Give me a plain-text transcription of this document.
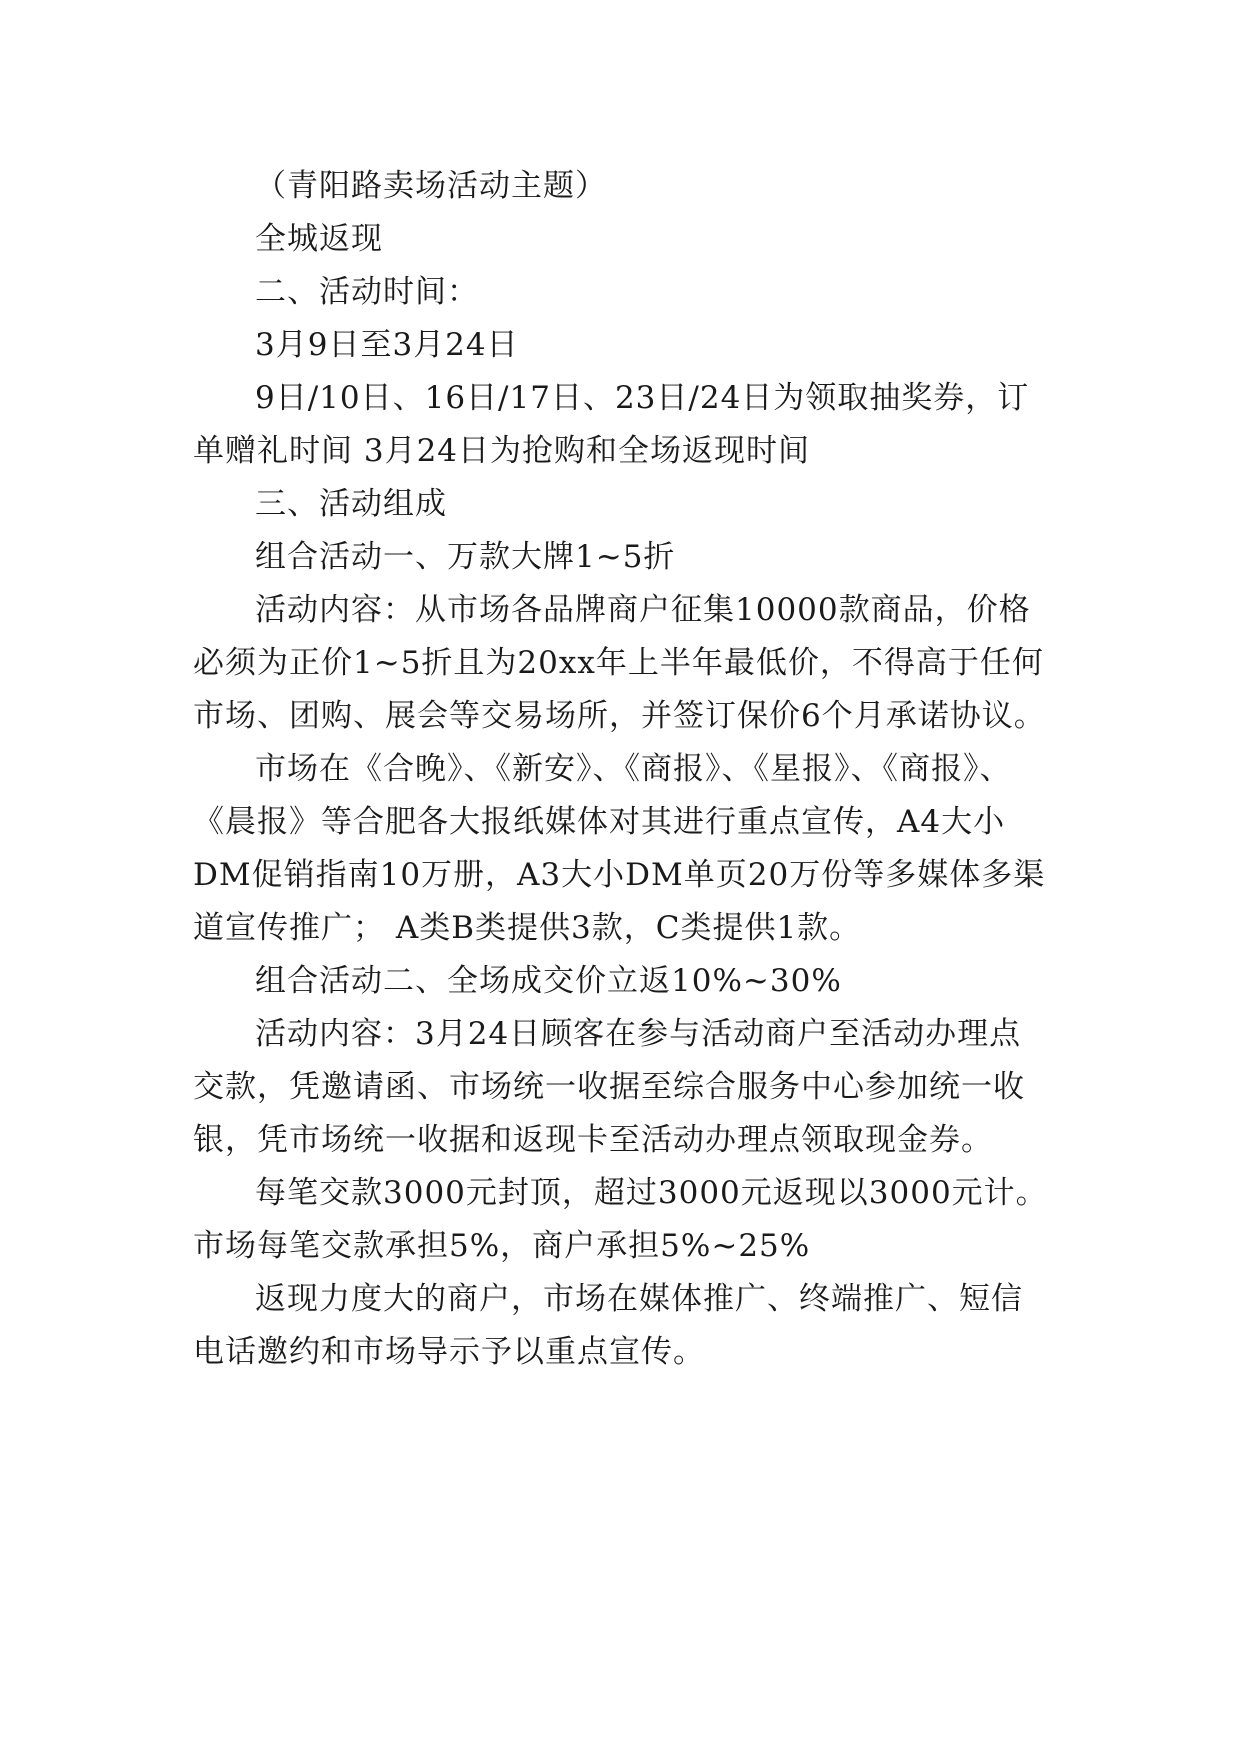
（青阳路卖场活动主题）

全城返现

二、活动时间：

3月9日至3月24日

9日/10日、16日/17日、23日/24日为领取抽奖券，订单赠礼时间 3月24日为抢购和全场返现时间

三、活动组成

组合活动一、万款大牌1~5折

活动内容：从市场各品牌商户征集10000款商品，价格必须为正价1~5折且为20xx年上半年最低价，不得高于任何市场、团购、展会等交易场所，并签订保价6个月承诺协议。

市场在《合晚》、《新安》、《商报》、《星报》、《商报》、《晨报》等合肥各大报纸媒体对其进行重点宣传，A4大小DM促销指南10万册，A3大小DM单页20万份等多媒体多渠道宣传推广； A类B类提供3款，C类提供1款。

组合活动二、全场成交价立返10%~30%

活动内容：3月24日顾客在参与活动商户至活动办理点交款，凭邀请函、市场统一收据至综合服务中心参加统一收银，凭市场统一收据和返现卡至活动办理点领取现金券。

每笔交款3000元封顶，超过3000元返现以3000元计。市场每笔交款承担5%，商户承担5%~25%

返现力度大的商户，市场在媒体推广、终端推广、短信电话邀约和市场导示予以重点宣传。
